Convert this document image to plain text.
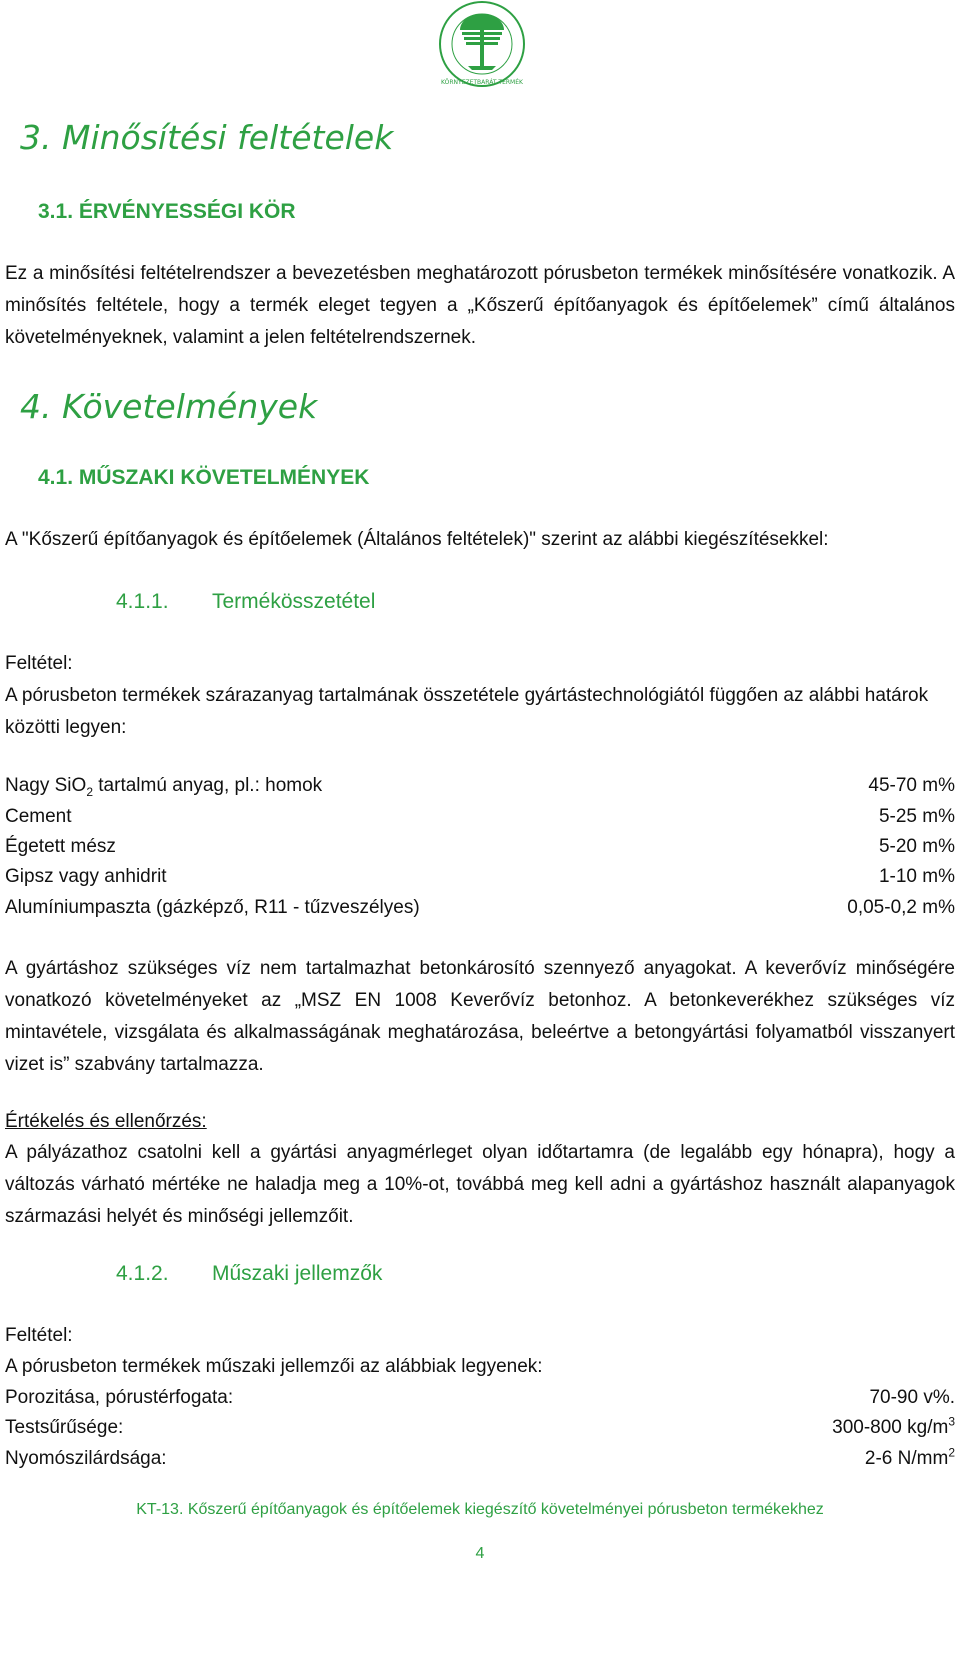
KÖRNYEZETBARÁT TERMÉK
3. Minősítési feltételek
3.1. ÉRVÉNYESSÉGI KÖR

Ez a minősítési feltételrendszer a bevezetésben meghatározott pórusbeton termékek minősítésére vonatkozik. A minősítés feltétele, hogy a termék eleget tegyen a „Kőszerű építőanyagok és építőelemek” című általános követelményeknek, valamint a jelen feltételrendszernek.

4. Követelmények
4.1. MŰSZAKI KÖVETELMÉNYEK

A "Kőszerű építőanyagok és építőelemek (Általános feltételek)" szerint az alábbi kiegészítésekkel:

4.1.1. Termékösszetétel

Feltétel:

A pórusbeton termékek szárazanyag tartalmának összetétele gyártástechnológiától függően az alábbi határok közötti legyen:

Nagy SiO$_2$ tartalmú anyag, pl.: homok	45-70 m%
Cement	5-25 m%
Égetett mész	5-20 m%
Gipsz vagy anhidrit	1-10 m%
Alumíniumpaszta (gázképző, R11 - tűzveszélyes)	0,05-0,2 m%

A gyártáshoz szükséges víz nem tartalmazhat betonkárosító szennyező anyagokat. A keverővíz minőségére vonatkozó követelményeket az „MSZ EN 1008 Keverővíz betonhoz. A betonkeverékhez szükséges víz mintavétele, vizsgálata és alkalmasságának meghatározása, beleértve a betongyártási folyamatból visszanyert vizet is” szabvány tartalmazza.

Értékelés és ellenőrzés:

A pályázathoz csatolni kell a gyártási anyagmérleget olyan időtartamra (de legalább egy hónapra), hogy a változás várható mértéke ne haladja meg a 10%-ot, továbbá meg kell adni a gyártáshoz használt alapanyagok származási helyét és minőségi jellemzőit.

4.1.2. Műszaki jellemzők

Feltétel:

A pórusbeton termékek műszaki jellemzői az alábbiak legyenek:

Porozitása, pórustérfogata:	70-90 v%.
Testsűrűsége:	300-800 $kg/m^3$
Nyomószilárdsága:	2-6 $N/mm^2$
KT-13. Kőszerű építőanyagok és építőelemek kiegészítő követelményei pórusbeton termékekhez
4
